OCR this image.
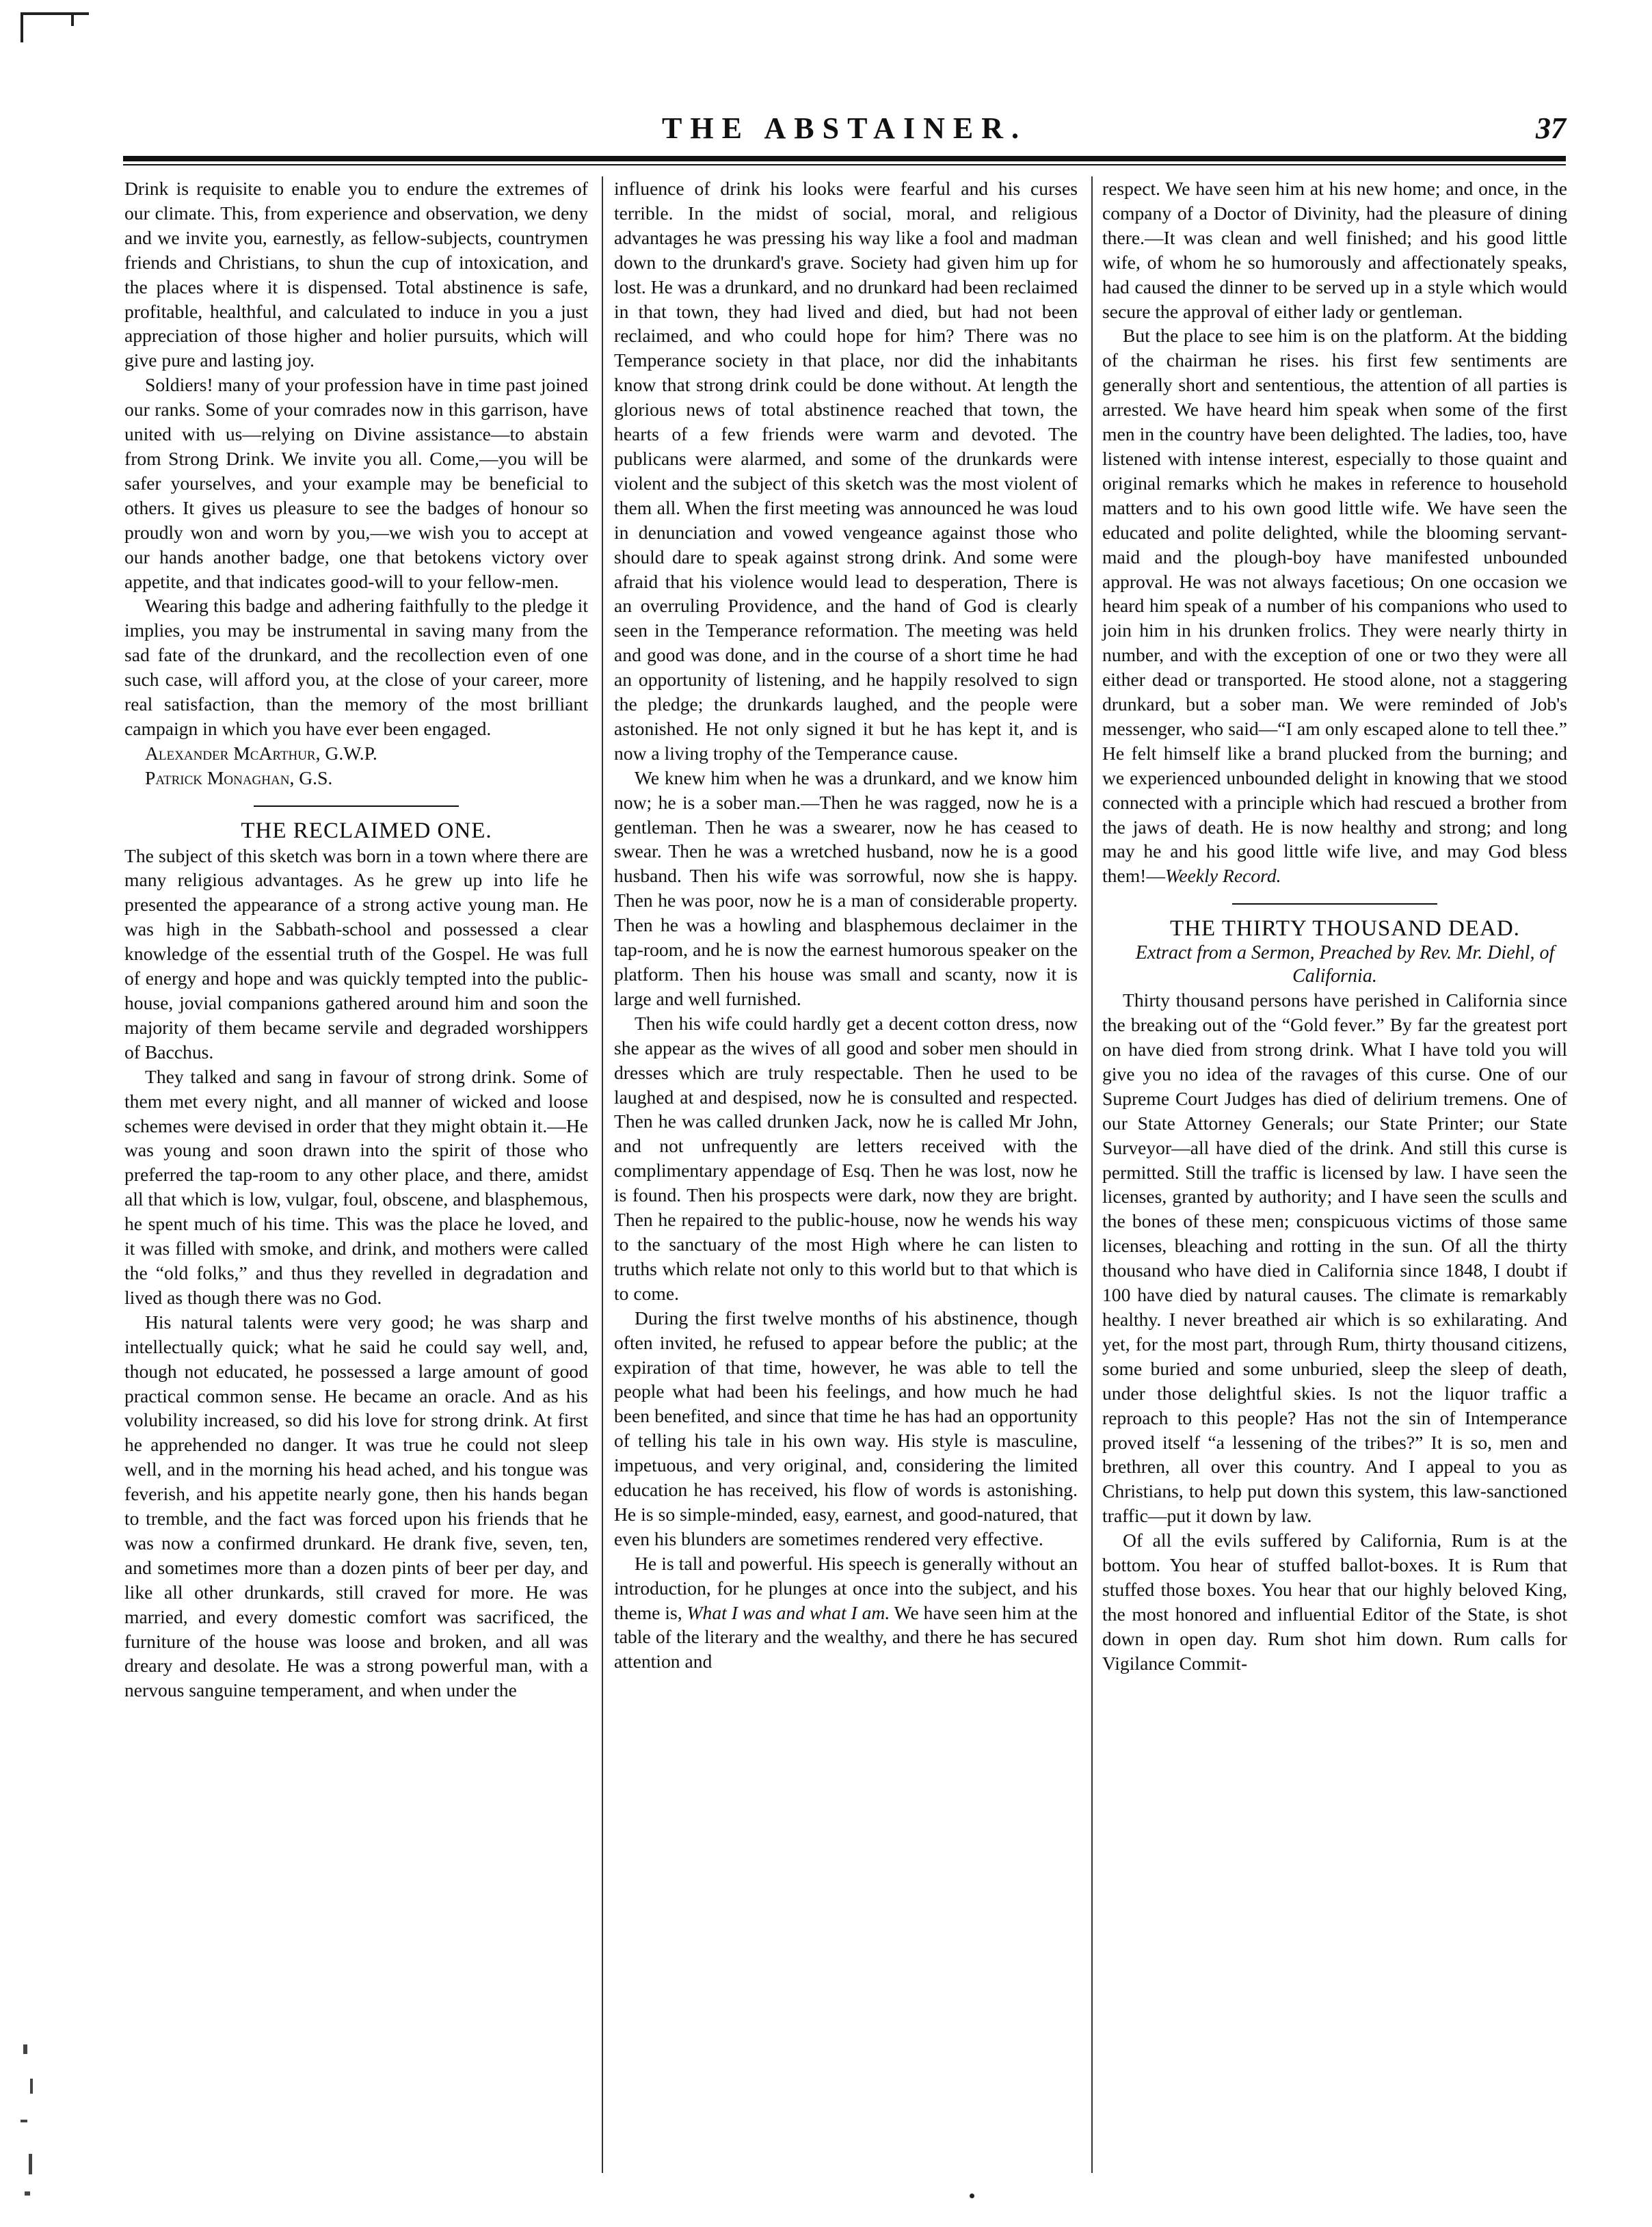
THE ABSTAINER.	37

Drink is requisite to enable you to endure the extremes of our climate. This, from experience and observation, we deny and we invite you, earnestly, as fellow-subjects, countrymen friends and Christians, to shun the cup of intoxication, and the places where it is dispensed. Total abstinence is safe, profitable, healthful, and calculated to induce in you a just appreciation of those higher and holier pursuits, which will give pure and lasting joy.

Soldiers! many of your profession have in time past joined our ranks. Some of your comrades now in this garrison, have united with us—relying on Divine assistance—to abstain from Strong Drink. We invite you all. Come,—you will be safer yourselves, and your example may be beneficial to others. It gives us pleasure to see the badges of honour so proudly won and worn by you,—we wish you to accept at our hands another badge, one that betokens victory over appetite, and that indicates good-will to your fellow-men.

Wearing this badge and adhering faithfully to the pledge it implies, you may be instrumental in saving many from the sad fate of the drunkard, and the recollection even of one such case, will afford you, at the close of your career, more real satisfaction, than the memory of the most brilliant campaign in which you have ever been engaged.

Alexander McArthur, G.W.P.

Patrick Monaghan, G.S.

THE RECLAIMED ONE.

The subject of this sketch was born in a town where there are many religious advantages. As he grew up into life he presented the appearance of a strong active young man. He was high in the Sabbath-school and possessed a clear knowledge of the essential truth of the Gospel. He was full of energy and hope and was quickly tempted into the public-house, jovial companions gathered around him and soon the majority of them became servile and degraded worshippers of Bacchus.

They talked and sang in favour of strong drink. Some of them met every night, and all manner of wicked and loose schemes were devised in order that they might obtain it.—He was young and soon drawn into the spirit of those who preferred the tap-room to any other place, and there, amidst all that which is low, vulgar, foul, obscene, and blasphemous, he spent much of his time. This was the place he loved, and it was filled with smoke, and drink, and mothers were called the “old folks,” and thus they revelled in degradation and lived as though there was no God.

His natural talents were very good; he was sharp and intellectually quick; what he said he could say well, and, though not educated, he possessed a large amount of good practical common sense. He became an oracle. And as his volubility increased, so did his love for strong drink. At first he apprehended no danger. It was true he could not sleep well, and in the morning his head ached, and his tongue was feverish, and his appetite nearly gone, then his hands began to tremble, and the fact was forced upon his friends that he was now a confirmed drunkard. He drank five, seven, ten, and sometimes more than a dozen pints of beer per day, and like all other drunkards, still craved for more. He was married, and every domestic comfort was sacrificed, the furniture of the house was loose and broken, and all was dreary and desolate. He was a strong powerful man, with a nervous sanguine temperament, and when under the

influence of drink his looks were fearful and his curses terrible. In the midst of social, moral, and religious advantages he was pressing his way like a fool and madman down to the drunkard's grave. Society had given him up for lost. He was a drunkard, and no drunkard had been reclaimed in that town, they had lived and died, but had not been reclaimed, and who could hope for him? There was no Temperance society in that place, nor did the inhabitants know that strong drink could be done without. At length the glorious news of total abstinence reached that town, the hearts of a few friends were warm and devoted. The publicans were alarmed, and some of the drunkards were violent and the subject of this sketch was the most violent of them all. When the first meeting was announced he was loud in denunciation and vowed vengeance against those who should dare to speak against strong drink. And some were afraid that his violence would lead to desperation, There is an overruling Providence, and the hand of God is clearly seen in the Temperance reformation. The meeting was held and good was done, and in the course of a short time he had an opportunity of listening, and he happily resolved to sign the pledge; the drunkards laughed, and the people were astonished. He not only signed it but he has kept it, and is now a living trophy of the Temperance cause.

We knew him when he was a drunkard, and we know him now; he is a sober man.—Then he was ragged, now he is a gentleman. Then he was a swearer, now he has ceased to swear. Then he was a wretched husband, now he is a good husband. Then his wife was sorrowful, now she is happy. Then he was poor, now he is a man of considerable property. Then he was a howling and blasphemous declaimer in the tap-room, and he is now the earnest humorous speaker on the platform. Then his house was small and scanty, now it is large and well furnished.

Then his wife could hardly get a decent cotton dress, now she appear as the wives of all good and sober men should in dresses which are truly respectable. Then he used to be laughed at and despised, now he is consulted and respected. Then he was called drunken Jack, now he is called Mr John, and not unfrequently are letters received with the complimentary appendage of Esq. Then he was lost, now he is found. Then his prospects were dark, now they are bright. Then he repaired to the public-house, now he wends his way to the sanctuary of the most High where he can listen to truths which relate not only to this world but to that which is to come.

During the first twelve months of his abstinence, though often invited, he refused to appear before the public; at the expiration of that time, however, he was able to tell the people what had been his feelings, and how much he had been benefited, and since that time he has had an opportunity of telling his tale in his own way. His style is masculine, impetuous, and very original, and, considering the limited education he has received, his flow of words is astonishing. He is so simple-minded, easy, earnest, and good-natured, that even his blunders are sometimes rendered very effective.

He is tall and powerful. His speech is generally without an introduction, for he plunges at once into the subject, and his theme is, What I was and what I am. We have seen him at the table of the literary and the wealthy, and there he has secured attention and

respect. We have seen him at his new home; and once, in the company of a Doctor of Divinity, had the pleasure of dining there.—It was clean and well finished; and his good little wife, of whom he so humorously and affectionately speaks, had caused the dinner to be served up in a style which would secure the approval of either lady or gentleman.

But the place to see him is on the platform. At the bidding of the chairman he rises. his first few sentiments are generally short and sententious, the attention of all parties is arrested. We have heard him speak when some of the first men in the country have been delighted. The ladies, too, have listened with intense interest, especially to those quaint and original remarks which he makes in reference to household matters and to his own good little wife. We have seen the educated and polite delighted, while the blooming servant-maid and the plough-boy have manifested unbounded approval. He was not always facetious; On one occasion we heard him speak of a number of his companions who used to join him in his drunken frolics. They were nearly thirty in number, and with the exception of one or two they were all either dead or transported. He stood alone, not a staggering drunkard, but a sober man. We were reminded of Job's messenger, who said—“I am only escaped alone to tell thee.” He felt himself like a brand plucked from the burning; and we experienced unbounded delight in knowing that we stood connected with a principle which had rescued a brother from the jaws of death. He is now healthy and strong; and long may he and his good little wife live, and may God bless them!—Weekly Record.

THE THIRTY THOUSAND DEAD.

Extract from a Sermon, Preached by Rev. Mr. Diehl, of California.

Thirty thousand persons have perished in California since the breaking out of the “Gold fever.” By far the greatest port on have died from strong drink. What I have told you will give you no idea of the ravages of this curse. One of our Supreme Court Judges has died of delirium tremens. One of our State Attorney Generals; our State Printer; our State Surveyor—all have died of the drink. And still this curse is permitted. Still the traffic is licensed by law. I have seen the licenses, granted by authority; and I have seen the sculls and the bones of these men; conspicuous victims of those same licenses, bleaching and rotting in the sun. Of all the thirty thousand who have died in California since 1848, I doubt if 100 have died by natural causes. The climate is remarkably healthy. I never breathed air which is so exhilarating. And yet, for the most part, through Rum, thirty thousand citizens, some buried and some unburied, sleep the sleep of death, under those delightful skies. Is not the liquor traffic a reproach to this people? Has not the sin of Intemperance proved itself “a lessening of the tribes?” It is so, men and brethren, all over this country. And I appeal to you as Christians, to help put down this system, this law-sanctioned traffic—put it down by law.

Of all the evils suffered by California, Rum is at the bottom. You hear of stuffed ballot-boxes. It is Rum that stuffed those boxes. You hear that our highly beloved King, the most honored and influential Editor of the State, is shot down in open day. Rum shot him down. Rum calls for Vigilance Commit-
